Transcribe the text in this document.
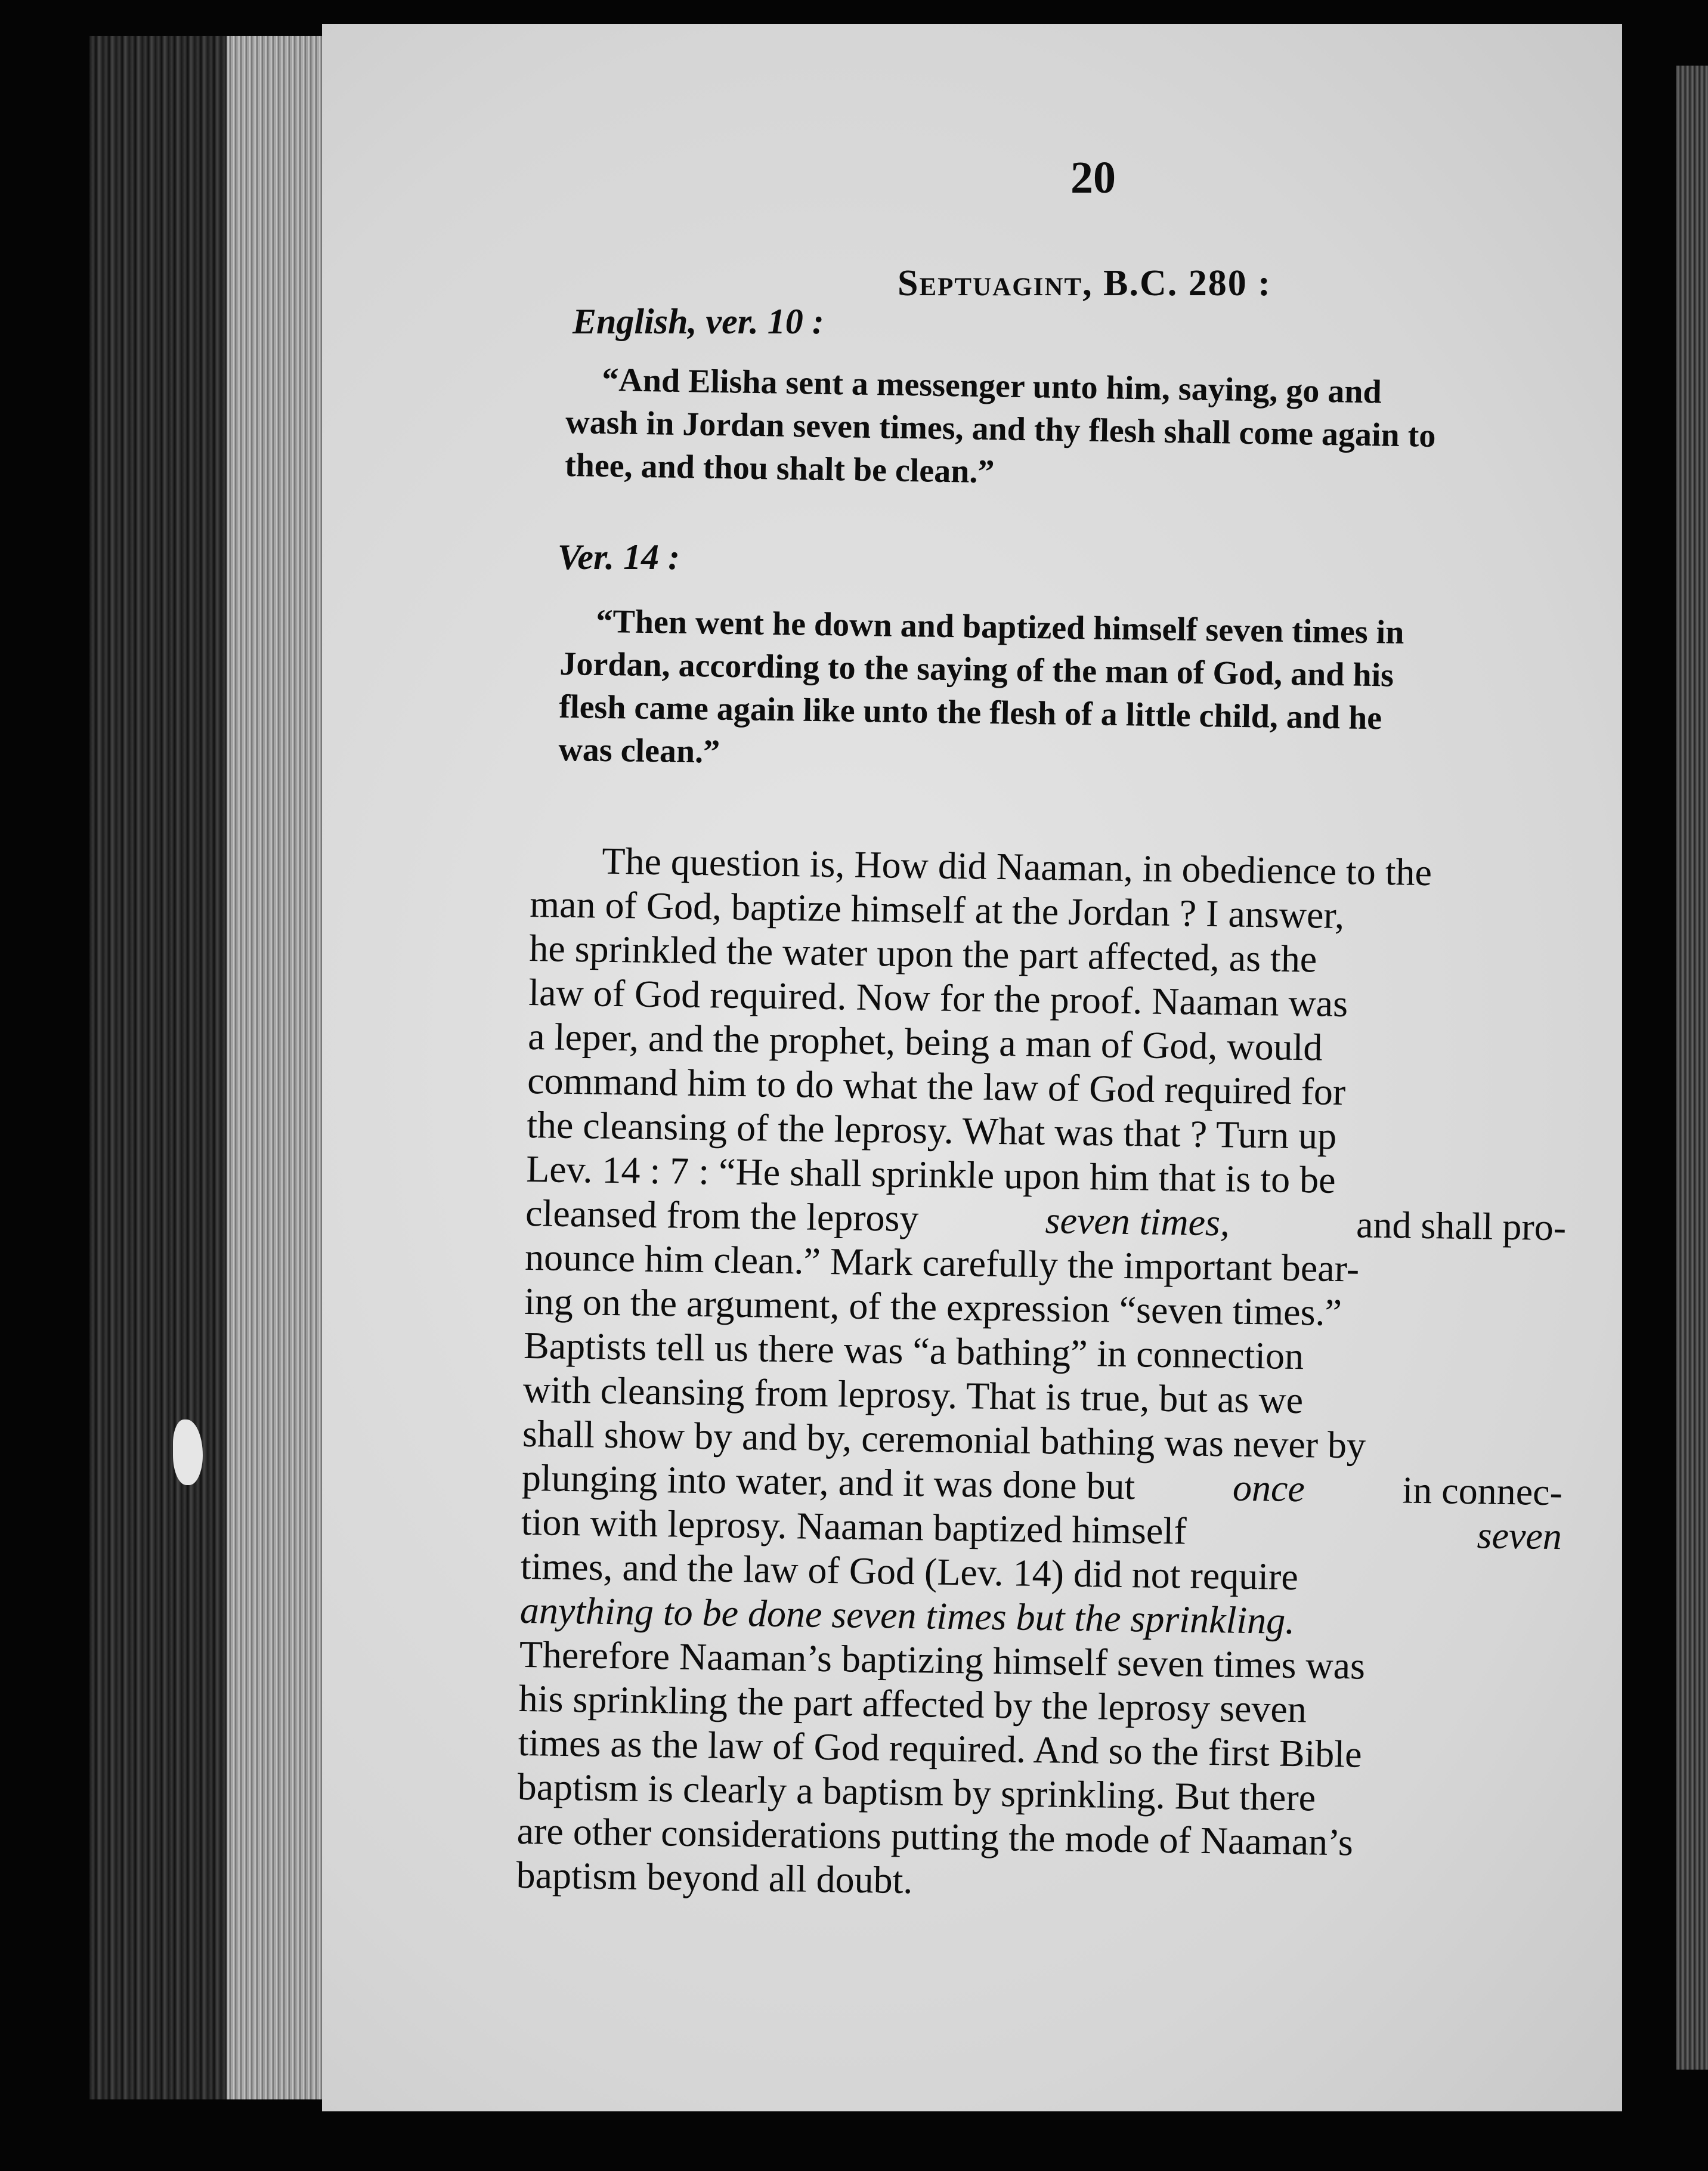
20
Septuagint, B.C. 280 :
English, ver. 10 :
“And Elisha sent a messenger unto him, saying, go and
wash in Jordan seven times, and thy flesh shall come again to
thee, and thou shalt be clean.”
Ver. 14 :
“Then went he down and baptized himself seven times in
Jordan, according to the saying of the man of God, and his
flesh came again like unto the flesh of a little child, and he
was clean.”
The question is, How did Naaman, in obedience to the
man of God, baptize himself at the Jordan ? I answer,
he sprinkled the water upon the part affected, as the
law of God required. Now for the proof. Naaman was
a leper, and the prophet, being a man of God, would
command him to do what the law of God required for
the cleansing of the leprosy. What was that ? Turn up
Lev. 14 : 7 : “He shall sprinkle upon him that is to be
cleansed from the leprosy	seven times,	and shall pro-
nounce him clean.” Mark carefully the important bear-
ing on the argument, of the expression “seven times.”
Baptists tell us there was “a bathing” in connection
with cleansing from leprosy. That is true, but as we
shall show by and by, ceremonial bathing was never by
plunging into water, and it was done but	once	in connec-
tion with leprosy. Naaman baptized himself	seven
times, and the law of God (Lev. 14) did not require
anything to be done seven times but the sprinkling.
Therefore Naaman’s baptizing himself seven times was
his sprinkling the part affected by the leprosy seven
times as the law of God required. And so the first Bible
baptism is clearly a baptism by sprinkling. But there
are other considerations putting the mode of Naaman’s
baptism beyond all doubt.
